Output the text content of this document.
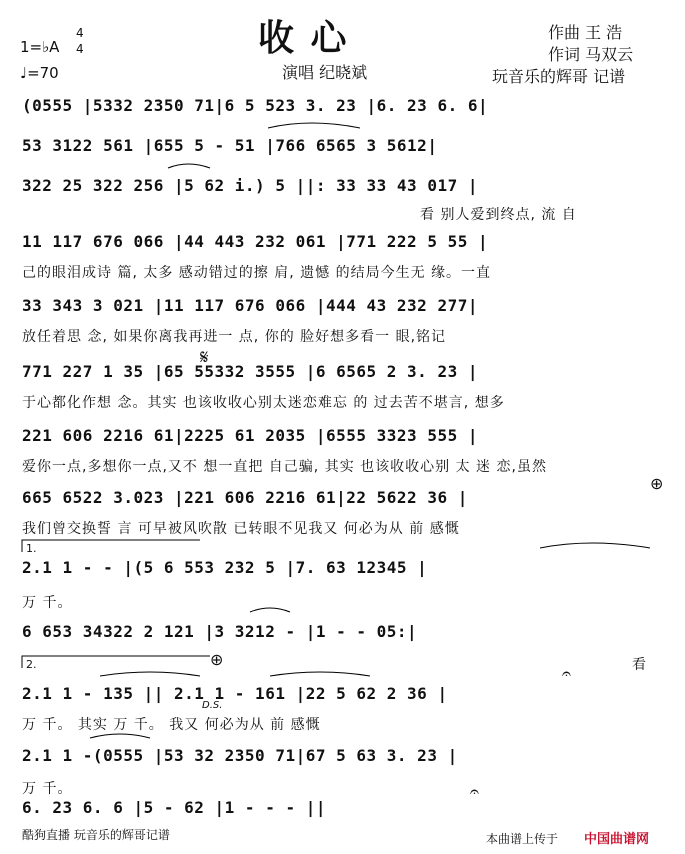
收 心
1=♭A
4
4
♩=70	演唱 纪晓斌
作曲 王 浩
作词 马双云
玩音乐的辉哥 记谱
(0555 |5332 2350 71|6 5 523 3. 23 |6. 23 6. 6|
53 3122 561 |655 5 - 51 |766 6565 3 5612|
322 25 322 256 |5 62 i.) 5 ||: 33 33 43 017 |
看 别人爱到终点, 流 自
11 117 676 066 |44 443 232 061 |771 222 5 55 |
己的眼泪成诗 篇, 太多 感动错过的擦 肩, 遗憾 的结局今生无 缘。一直
33 343 3 021 |11 117 676 066 |444 43 232 277|
放任着思 念, 如果你离我再进一 点, 你的 脸好想多看一 眼,铭记
771 227 1 35 |65 55332 3555 |6 6565 2 3. 23 |
于心都化作想 念。其实 也该收收心别太迷恋难忘 的 过去苦不堪言, 想多
221 606 2216 61|2225 61 2035 |6555 3323 555 |
爱你一点,多想你一点,又不 想一直把 自己骗, 其实 也该收收心别 太 迷 恋,虽然
665 6522 3.023 |221 606 2216 61|22 5622 36 |
我们曾交换誓 言 可早被风吹散 已转眼不见我又 何必为从 前 感慨
2.1 1 - - |(5 6 553 232 5 |7. 63 12345 |
万 千。
6 653 34322 2 121 |3 3212 - |1 - - 05:|
2.1 1 - 135 || 2.1 1 - 161 |22 5 62 2 36 |
万 千。 其实 万 千。 我又 何必为从 前 感慨
2.1 1 -(0555 |53 32 2350 71|67 5 63 3. 23 |
万 千。
6. 23 6. 6 |5 - 62 |1 - - - ||
𝄋
⊕
⊕
D.S.
𝄐
𝄐
1.
2.	看
酷狗直播 玩音乐的辉哥记谱	本曲谱上传于 中国曲谱网
